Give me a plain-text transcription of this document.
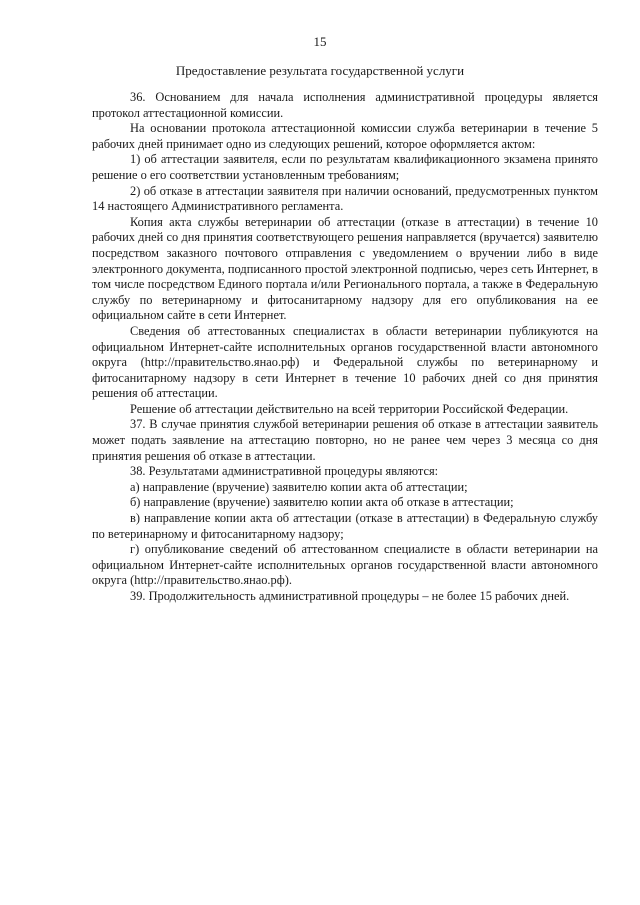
15
Предоставление результата государственной услуги

36. Основанием для начала исполнения административной процедуры является протокол аттестационной комиссии.

На основании протокола аттестационной комиссии служба ветеринарии в течение 5 рабочих дней принимает одно из следующих решений, которое оформляется актом:

1) об аттестации заявителя, если по результатам квалификационного экзамена принято решение о его соответствии установленным требованиям;

2) об отказе в аттестации заявителя при наличии оснований, предусмотренных пунктом 14 настоящего Административного регламента.

Копия акта службы ветеринарии об аттестации (отказе в аттестации) в течение 10 рабочих дней со дня принятия соответствующего решения направляется (вручается) заявителю посредством заказного почтового отправления с уведомлением о вручении либо в виде электронного документа, подписанного простой электронной подписью, через сеть Интернет, в том числе посредством Единого портала и/или Регионального портала, а также в Федеральную службу по ветеринарному и фитосанитарному надзору для его опубликования на ее официальном сайте в сети Интернет.

Сведения об аттестованных специалистах в области ветеринарии публикуются на официальном Интернет-сайте исполнительных органов государственной власти автономного округа (http://правительство.янао.рф) и Федеральной службы по ветеринарному и фитосанитарному надзору в сети Интернет в течение 10 рабочих дней со дня принятия решения об аттестации.

Решение об аттестации действительно на всей территории Российской Федерации.

37. В случае принятия службой ветеринарии решения об отказе в аттестации заявитель может подать заявление на аттестацию повторно, но не ранее чем через 3 месяца со дня принятия решения об отказе в аттестации.

38. Результатами административной процедуры являются:

а) направление (вручение) заявителю копии акта об аттестации;

б) направление (вручение) заявителю копии акта об отказе в аттестации;

в) направление копии акта об аттестации (отказе в аттестации) в Федеральную службу по ветеринарному и фитосанитарному надзору;

г) опубликование сведений об аттестованном специалисте в области ветеринарии на официальном Интернет-сайте исполнительных органов государственной власти автономного округа (http://правительство.янао.рф).

39. Продолжительность административной процедуры – не более 15 рабочих дней.
